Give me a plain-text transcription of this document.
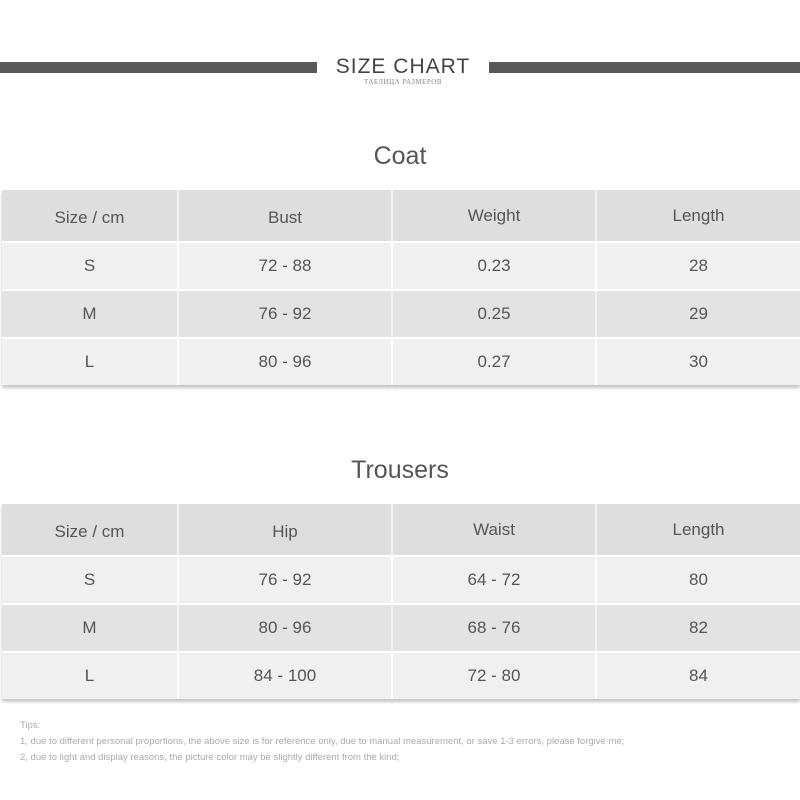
SIZE CHART
ТАБЛИЦА РАЗМЕРОВ
Coat
Size / cm	Bust	Weight	Length
S	72 - 88	0.23	28
M	76 - 92	0.25	29
L	80 - 96	0.27	30
Trousers
Size / cm	Hip	Waist	Length
S	76 - 92	64 - 72	80
M	80 - 96	68 - 76	82
L	84 - 100	72 - 80	84
Tips:
1, due to different personal proportions, the above size is for reference only, due to manual measurement, or save 1-3 errors, please forgive me;
2, due to light and display reasons, the picture color may be slightly different from the kind;
